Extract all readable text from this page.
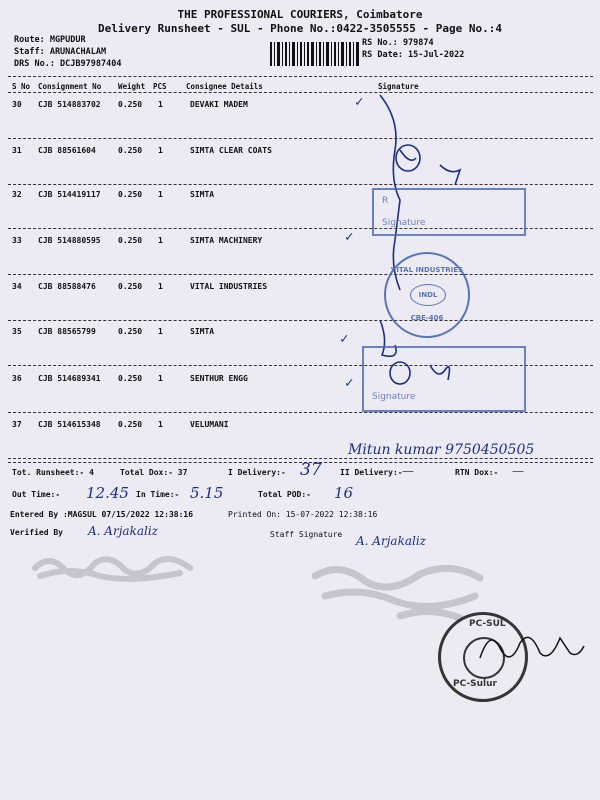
THE PROFESSIONAL COURIERS, Coimbatore
Delivery Runsheet - SUL - Phone No.:0422-3505555 - Page No.:4
Route: MGPUDUR
Staff: ARUNACHALAM
DRS No.: DCJB97987404
RS No.: 979874
RS Date: 15-Jul-2022
S No Consignment No Weight PCS	Consignee Details	Signature
30 CJB 514883702 0.250 1	DEVAKI MADEM
31 CJB 88561604	0.250 1	SIMTA CLEAR COATS
32 CJB 514419117 0.250 1	SIMTA
33 CJB 514880595 0.250 1	SIMTA MACHINERY
34 CJB 88588476	0.250 1	VITAL INDUSTRIES
35 CJB 88565799	0.250 1	SIMTA
36 CJB 514689341 0.250 1	SENTHUR ENGG
37 CJB 514615348 0.250 1	VELUMANI
✓
✓
✓
✓
R
Signature
Signature
VITAL INDUSTRIES
INDL
CBE-406
Mitun kumar 9750450505
Tot. Runsheet:- 4	Total Dox:- 37	I Delivery:- 37 II Delivery:- —	RTN Dox:- —
Out Time:- 12.45 In Time:- 5.15	Total POD:- 16
Entered By :MAGSUL 07/15/2022 12:38:16	Printed On: 15-07-2022 12:38:16
Verified By A. Arjakaliz	Staff Signature A. Arjakaliz
PC-SUL
PC-Sulur
